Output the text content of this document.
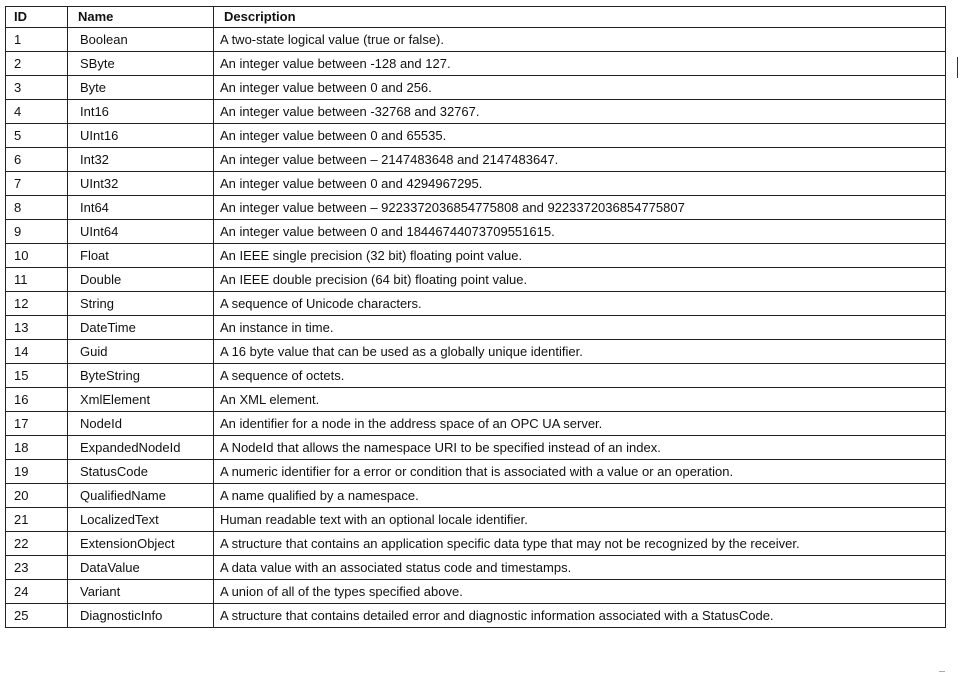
ID	Name	Description
1	Boolean	A two-state logical value (true or false).
2	SByte	An integer value between -128 and 127.
3	Byte	An integer value between 0 and 256.
4	Int16	An integer value between -32768 and 32767.
5	UInt16	An integer value between 0 and 65535.
6	Int32	An integer value between – 2147483648 and 2147483647.
7	UInt32	An integer value between 0 and 4294967295.
8	Int64	An integer value between – 9223372036854775808 and 9223372036854775807
9	UInt64	An integer value between 0 and 18446744073709551615.
10	Float	An IEEE single precision (32 bit) floating point value.
11	Double	An IEEE double precision (64 bit) floating point value.
12	String	A sequence of Unicode characters.
13	DateTime	An instance in time.
14	Guid	A 16 byte value that can be used as a globally unique identifier.
15	ByteString	A sequence of octets.
16	XmlElement	An XML element.
17	NodeId	An identifier for a node in the address space of an OPC UA server.
18	ExpandedNodeId	A NodeId that allows the namespace URI to be specified instead of an index.
19	StatusCode	A numeric identifier for a error or condition that is associated with a value or an operation.
20	QualifiedName	A name qualified by a namespace.
21	LocalizedText	Human readable text with an optional locale identifier.
22	ExtensionObject	A structure that contains an application specific data type that may not be recognized by the receiver.
23	DataValue	A data value with an associated status code and timestamps.
24	Variant	A union of all of the types specified above.
25	DiagnosticInfo	A structure that contains detailed error and diagnostic information associated with a StatusCode.
